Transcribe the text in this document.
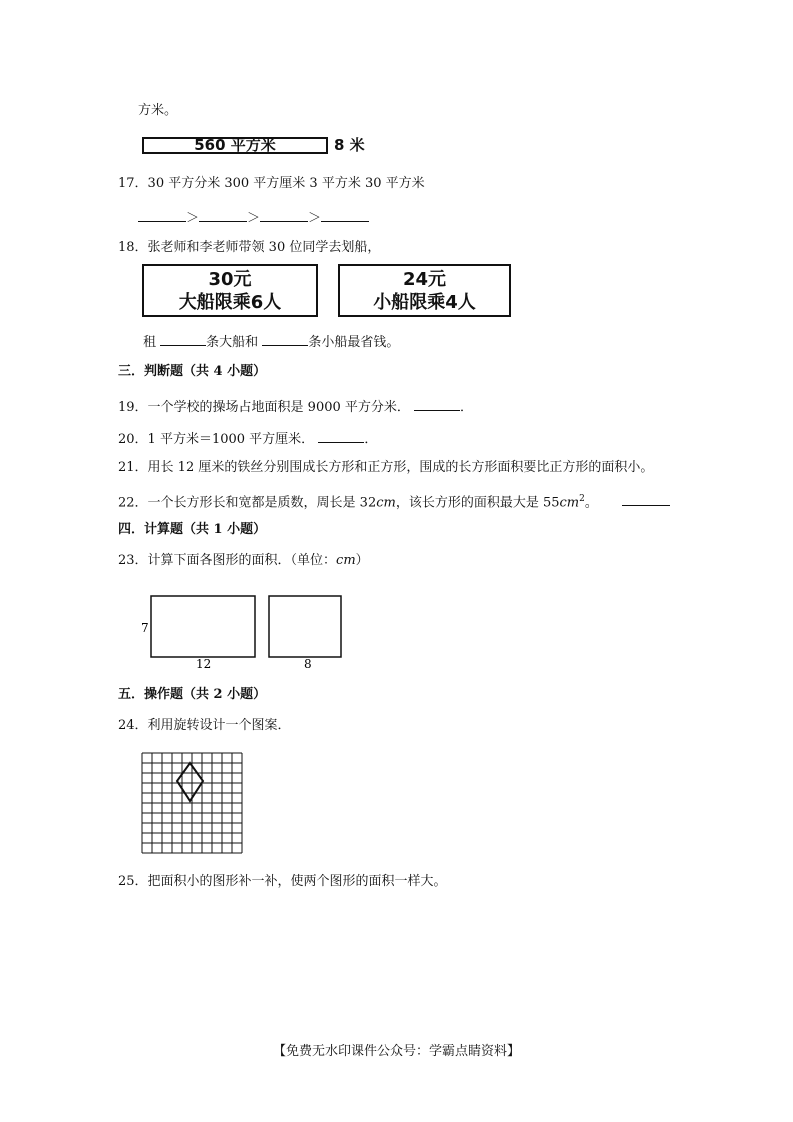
方米。
560 平方米	8 米
17．30 平方分米 300 平方厘米 3 平方米 30 平方米
＞	＞	＞
18．张老师和李老师带领 30 位同学去划船，
30元
大船限乘6人
24元
小船限乘4人
租	条大船和	条小船最省钱。
三．判断题（共 4 小题）
19．一个学校的操场占地面积是 9000 平方分米．	．
20．1 平方米＝1000 平方厘米．	．
21．用长 12 厘米的铁丝分别围成长方形和正方形，围成的长方形面积要比正方形的面积小。
22．一个长方形长和宽都是质数，周长是 32cm，该长方形的面积最大是 $55cm^2$。
四．计算题（共 1 小题）
23．计算下面各图形的面积．（单位：cm）
7
12	8
五．操作题（共 2 小题）
24．利用旋转设计一个图案．
25．把面积小的图形补一补，使两个图形的面积一样大。
【免费无水印课件公众号：学霸点睛资料】
